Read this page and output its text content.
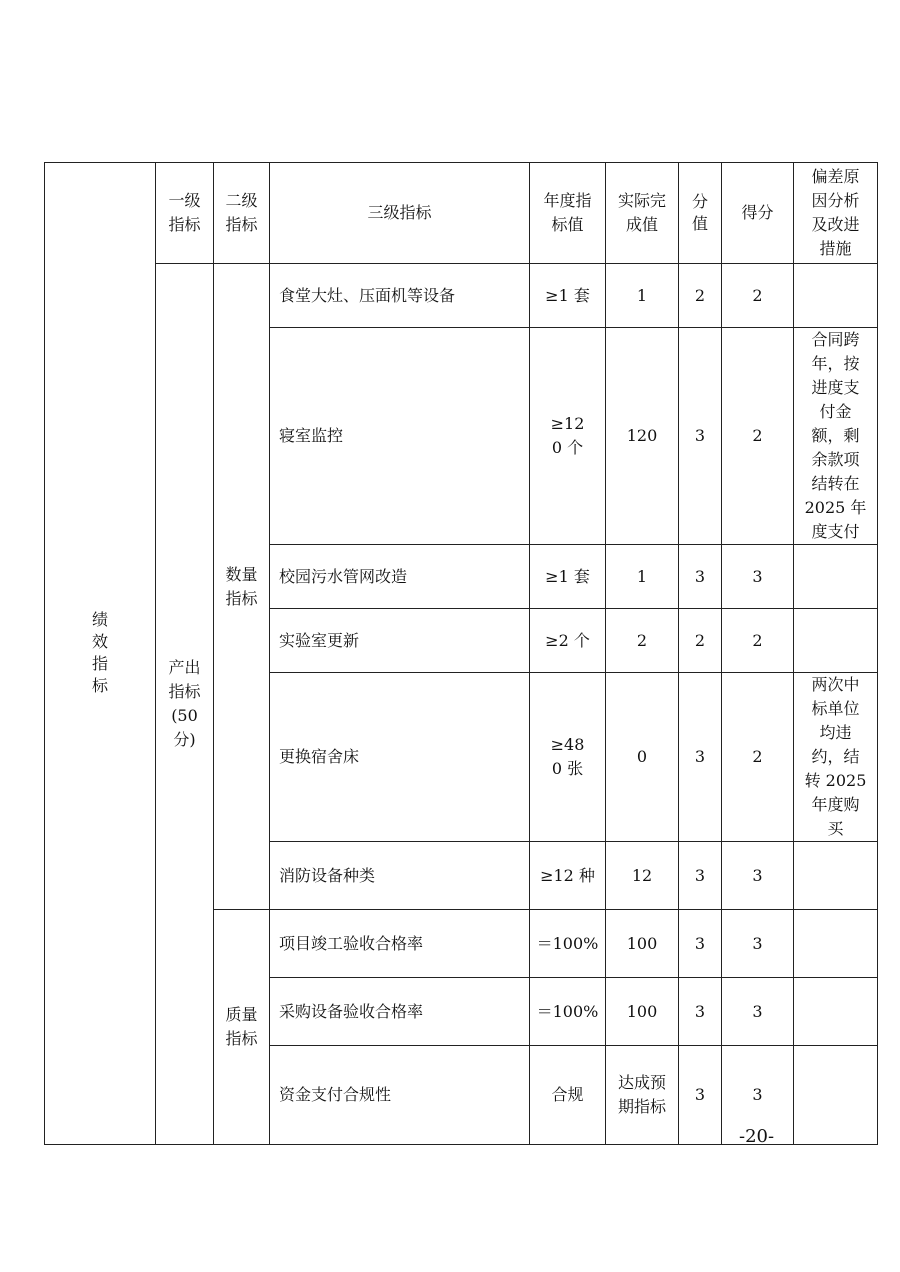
绩效指标	一级指标	二级指标	三级指标	年度指标值	实际完成值	分值	得分	偏差原因分析及改进措施
	产出指标(50分)	数量指标	食堂大灶、压面机等设备	≥1 套	1	2	2	
			寝室监控	≥120 个	120	3	2	合同跨年，按进度支付金额，剩余款项结转在 2025 年度支付
			校园污水管网改造	≥1 套	1	3	3	
			实验室更新	≥2 个	2	2	2	
			更换宿舍床	≥480 张	0	3	2	两次中标单位均违约，结转 2025 年度购买
			消防设备种类	≥12 种	12	3	3	
		质量指标	项目竣工验收合格率	＝100%	100	3	3	
			采购设备验收合格率	＝100%	100	3	3	
			资金支付合规性	合规	达成预期指标	3	3	
-20-
